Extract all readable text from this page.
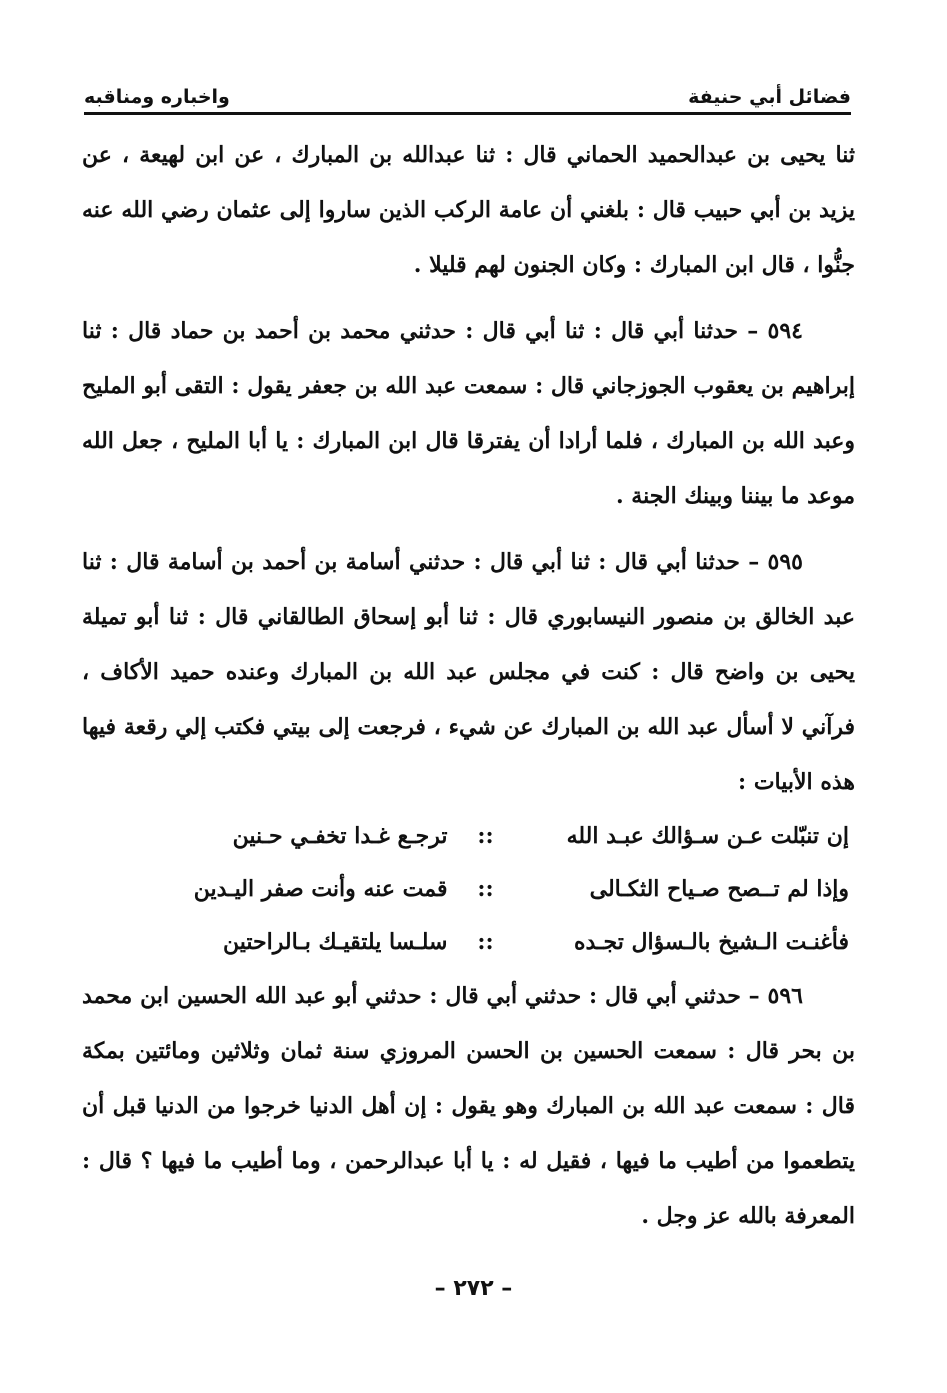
فضائل أبي حنيفة
واخباره ومناقبه

ثنا يحيى بن عبدالحميد الحماني قال : ثنا عبدالله بن المبارك ، عن ابن لهيعة ، عن يزيد بن أبي حبيب قال : بلغني أن عامة الركب الذين ساروا إلى عثمان رضي الله عنه جنُّوا ، قال ابن المبارك : وكان الجنون لهم قليلا .

٥٩٤ – حدثنا أبي قال : ثنا أبي قال : حدثني محمد بن أحمد بن حماد قال : ثنا إبراهيم بن يعقوب الجوزجاني قال : سمعت عبد الله بن جعفر يقول : التقى أبو المليح وعبد الله بن المبارك ، فلما أرادا أن يفترقا قال ابن المبارك : يا أبا المليح ، جعل الله موعد ما بيننا وبينك الجنة .

٥٩٥ – حدثنا أبي قال : ثنا أبي قال : حدثني أسامة بن أحمد بن أسامة قال : ثنا عبد الخالق بن منصور النيسابوري قال : ثنا أبو إسحاق الطالقاني قال : ثنا أبو تميلة يحيى بن واضح قال : كنت في مجلس عبد الله بن المبارك وعنده حميد الأكاف ، فرآني لا أسأل عبد الله بن المبارك عن شيء ، فرجعت إلى بيتي فكتب إلي رقعة فيها هذه الأبيات :

إن تنبّلت عـن سـؤالك عبـد الله
::
ترجـع غـدا تخفـي حـنين
وإذا لم تــصح صـياح الثكـالى
::
قمت عنه وأنت صفر اليـدين
فأغنـت الـشيخ بالـسؤال تجـده
::
سلـسا يلتقيـك بـالراحتين

٥٩٦ – حدثني أبي قال : حدثني أبي قال : حدثني أبو عبد الله الحسين ابن محمد بن بحر قال : سمعت الحسين بن الحسن المروزي سنة ثمان وثلاثين ومائتين بمكة قال : سمعت عبد الله بن المبارك وهو يقول : إن أهل الدنيا خرجوا من الدنيا قبل أن يتطعموا من أطيب ما فيها ، فقيل له : يا أبا عبدالرحمن ، وما أطيب ما فيها ؟ قال : المعرفة بالله عز وجل .

– ٢٧٢ –
